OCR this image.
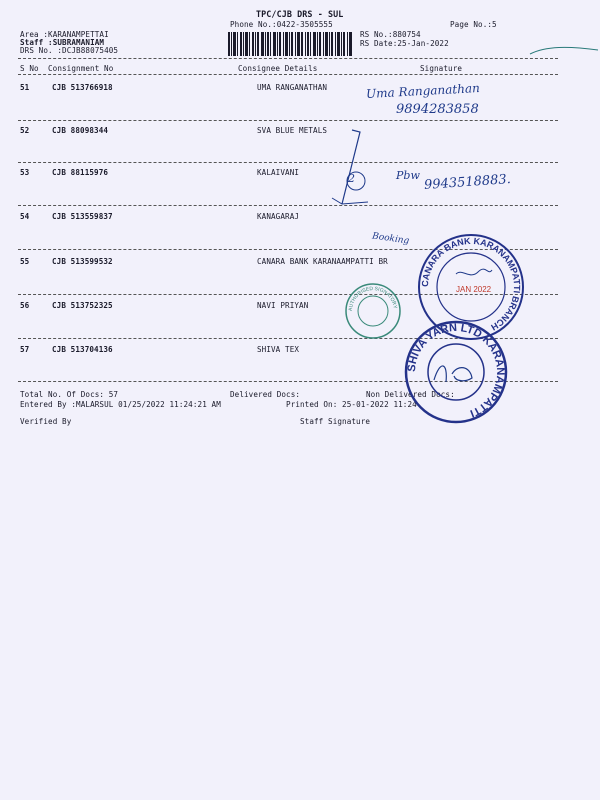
TPC/CJB DRS - SUL
Phone No.:0422-3505555	Page No.:5
Area :KARANAMPETTAI
Staff :SUBRAMANIAM
DRS No. :DCJB88075405
RS No.:880754
RS Date:25-Jan-2022
S No Consignment No	Consignee Details	Signature
51	CJB 513766918	UMA RANGANATHAN
52	CJB 88098344	SVA BLUE METALS
53	CJB 88115976	KALAIVANI
54	CJB 513559837	KANAGARAJ
55	CJB 513599532	CANARA BANK KARANAAMPATTI BR
56	CJB 513752325	NAVI PRIYAN
57	CJB 513704136	SHIVA TEX
Total No. Of Docs: 57	Delivered Docs:	Non Delivered Docs:
Entered By :MALARSUL 01/25/2022 11:24:21 AM	Printed On: 25-01-2022 11:24
Verified By	Staff Signature
Uma Ranganathan
9894283858
2	Pbw 9943518883.
Booking
AUTHORISED SIGNATORY
CANARA BANK KARANAMPATTI BRANCH
JAN 2022
SHIVA YARN LTD KARANAMPATTI
